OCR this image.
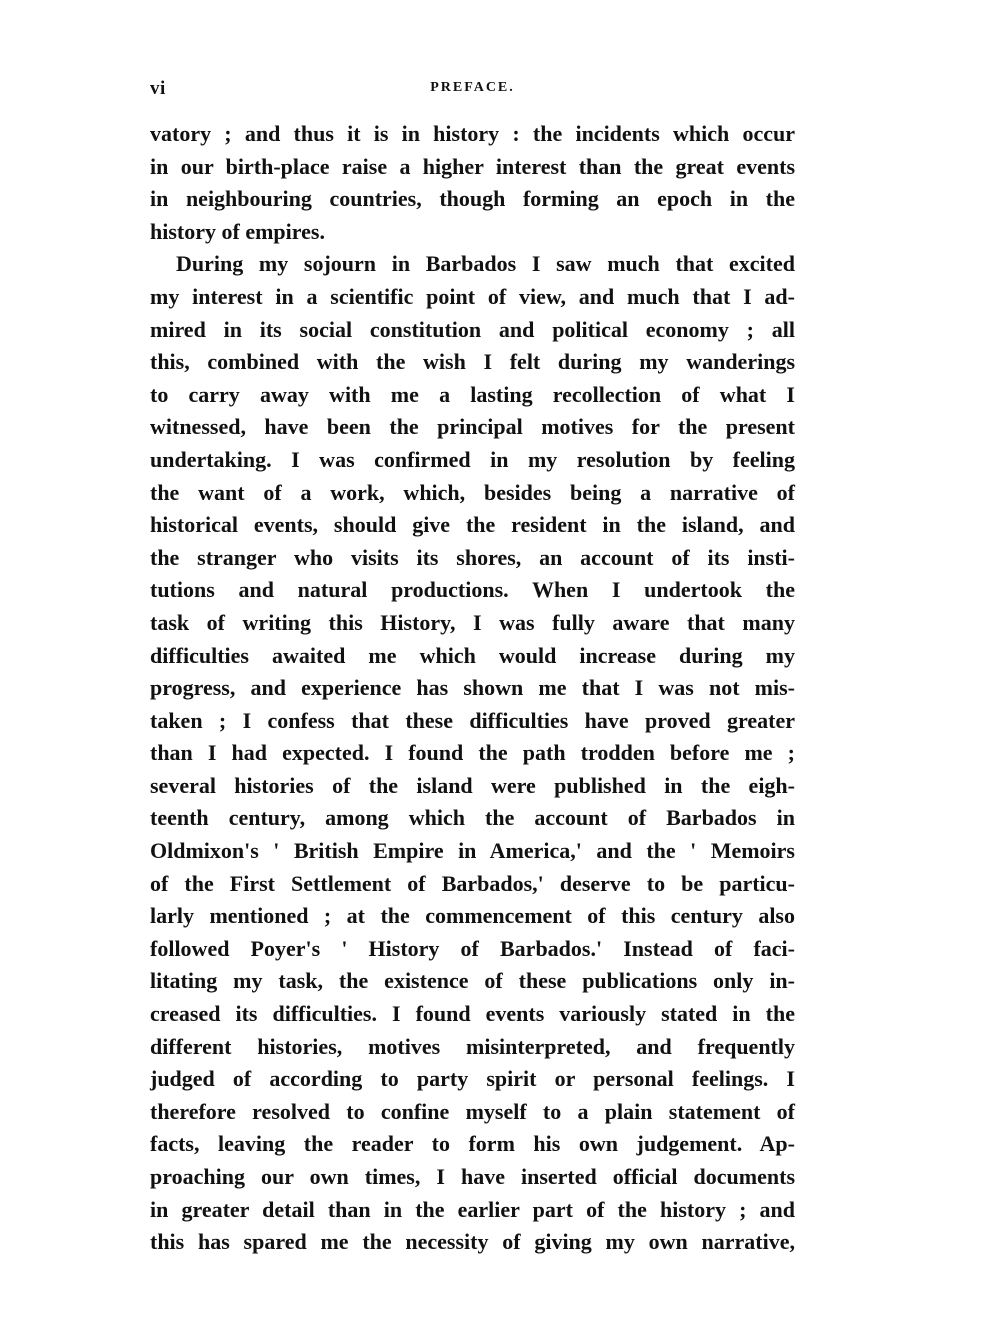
vi	PREFACE.
vatory ; and thus it is in history : the incidents which occur
in our birth-place raise a higher interest than the great events
in neighbouring countries, though forming an epoch in the
history of empires.
During my sojourn in Barbados I saw much that excited
my interest in a scientific point of view, and much that I ad-
mired in its social constitution and political economy ; all
this, combined with the wish I felt during my wanderings
to carry away with me a lasting recollection of what I
witnessed, have been the principal motives for the present
undertaking. I was confirmed in my resolution by feeling
the want of a work, which, besides being a narrative of
historical events, should give the resident in the island, and
the stranger who visits its shores, an account of its insti-
tutions and natural productions. When I undertook the
task of writing this History, I was fully aware that many
difficulties awaited me which would increase during my
progress, and experience has shown me that I was not mis-
taken ; I confess that these difficulties have proved greater
than I had expected. I found the path trodden before me ;
several histories of the island were published in the eigh-
teenth century, among which the account of Barbados in
Oldmixon's ' British Empire in America,' and the ' Memoirs
of the First Settlement of Barbados,' deserve to be particu-
larly mentioned ; at the commencement of this century also
followed Poyer's ' History of Barbados.' Instead of faci-
litating my task, the existence of these publications only in-
creased its difficulties. I found events variously stated in the
different histories, motives misinterpreted, and frequently
judged of according to party spirit or personal feelings. I
therefore resolved to confine myself to a plain statement of
facts, leaving the reader to form his own judgement. Ap-
proaching our own times, I have inserted official documents
in greater detail than in the earlier part of the history ; and
this has spared me the necessity of giving my own narrative,
